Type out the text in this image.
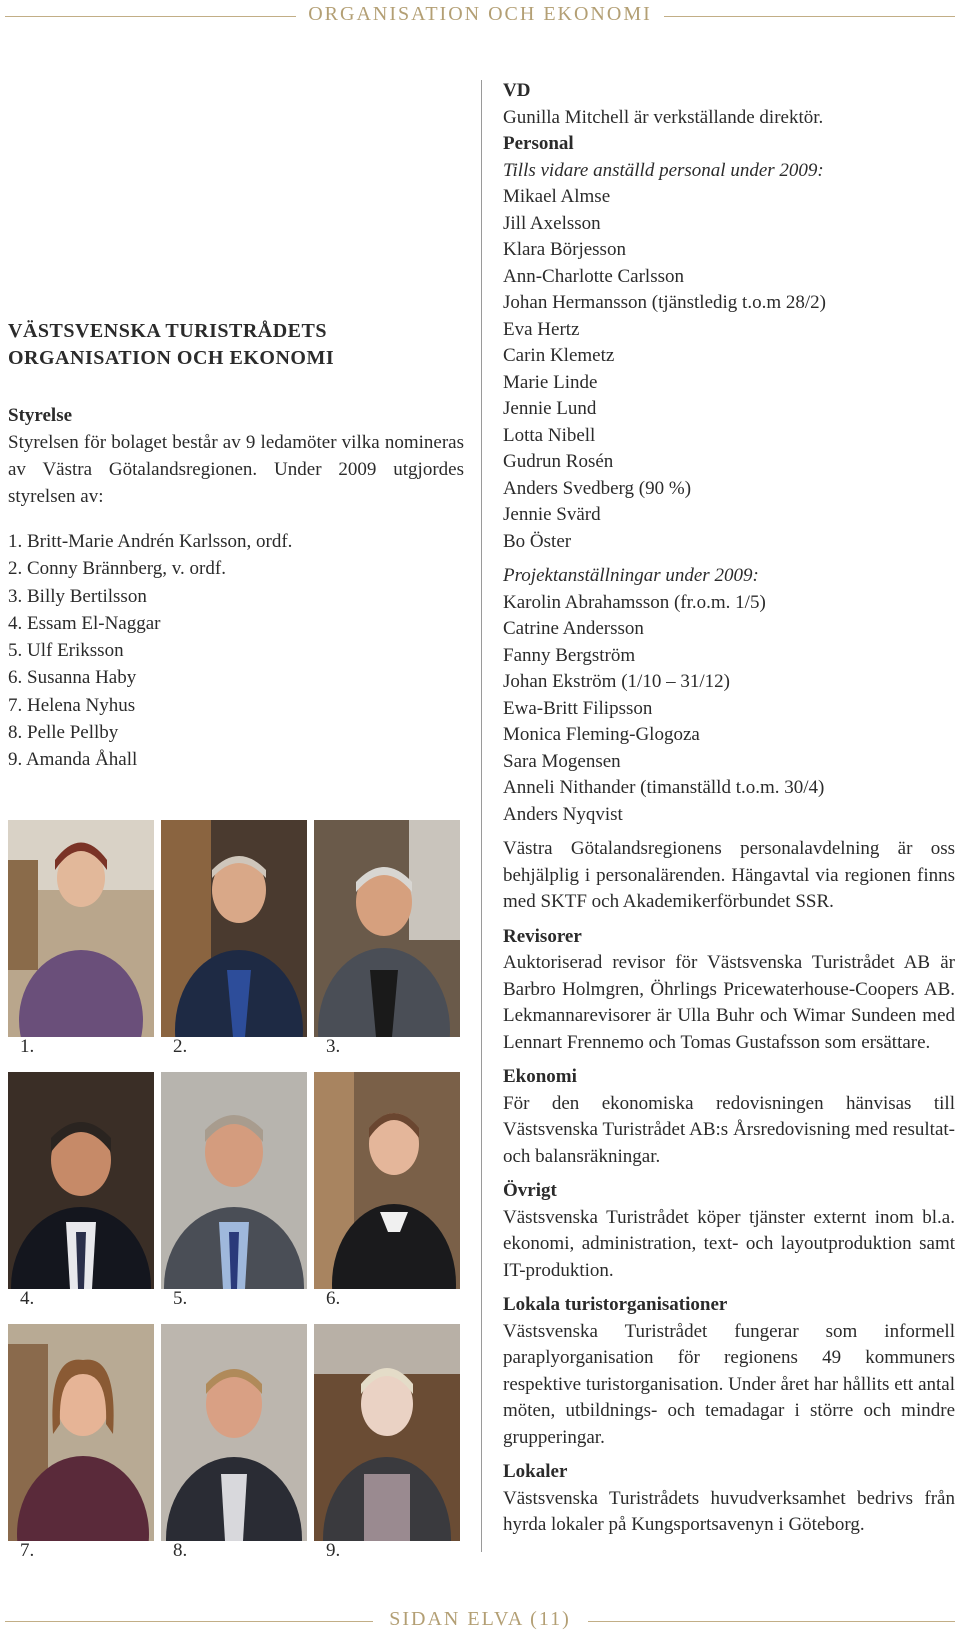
ORGANISATION OCH EKONOMI
VÄSTSVENSKA TURISTRÅDETS
ORGANISATION OCH EKONOMI
Styrelse

Styrelsen för bolaget består av 9 ledamöter vilka nomineras av Västra Götalandsregionen. Under 2009 utgjordes styrelsen av:

1. Britt-Marie Andrén Karlsson, ordf.
2. Conny Brännberg, v. ordf.
3. Billy Bertilsson
4. Essam El-Naggar
5. Ulf Eriksson
6. Susanna Haby
7. Helena Nyhus
8. Pelle Pellby
9. Amanda Åhall
1.	2.	3.
4.	5.	6.
7.	8.	9.
VD
Gunilla Mitchell är verkställande direktör.
Personal
Tills vidare anställd personal under 2009:
Mikael Almse
Jill Axelsson
Klara Börjesson
Ann-Charlotte Carlsson
Johan Hermansson (tjänstledig t.o.m 28/2)
Eva Hertz
Carin Klemetz
Marie Linde
Jennie Lund
Lotta Nibell
Gudrun Rosén
Anders Svedberg (90 %)
Jennie Svärd
Bo Öster
Projektanställningar under 2009:
Karolin Abrahamsson (fr.o.m. 1/5)
Catrine Andersson
Fanny Bergström
Johan Ekström (1/10 – 31/12)
Ewa-Britt Filipsson
Monica Fleming-Glogoza
Sara Mogensen
Anneli Nithander (timanställd t.o.m. 30/4)
Anders Nyqvist
Västra Götalandsregionens personalavdelning är oss behjälplig i personalärenden. Hängavtal via regionen finns med SKTF och Akademikerförbundet SSR.
Revisorer
Auktoriserad revisor för Västsvenska Turistrådet AB är Barbro Holmgren, Öhrlings Pricewaterhouse-Coopers AB. Lekmannarevisorer är Ulla Buhr och Wimar Sundeen med Lennart Frennemo och Tomas Gustafsson som ersättare.
Ekonomi
För den ekonomiska redovisningen hänvisas till Västsvenska Turistrådet AB:s Årsredovisning med resultat- och balansräkningar.
Övrigt
Västsvenska Turistrådet köper tjänster externt inom bl.a. ekonomi, administration, text- och layoutproduktion samt IT-produktion.
Lokala turistorganisationer
Västsvenska Turistrådet fungerar som informell paraplyorganisation för regionens 49 kommuners respektive turistorganisation. Under året har hållits ett antal möten, utbildnings- och temadagar i större och mindre grupperingar.
Lokaler
Västsvenska Turistrådets huvudverksamhet bedrivs från hyrda lokaler på Kungsportsavenyn i Göteborg.
SIDAN ELVA (11)
